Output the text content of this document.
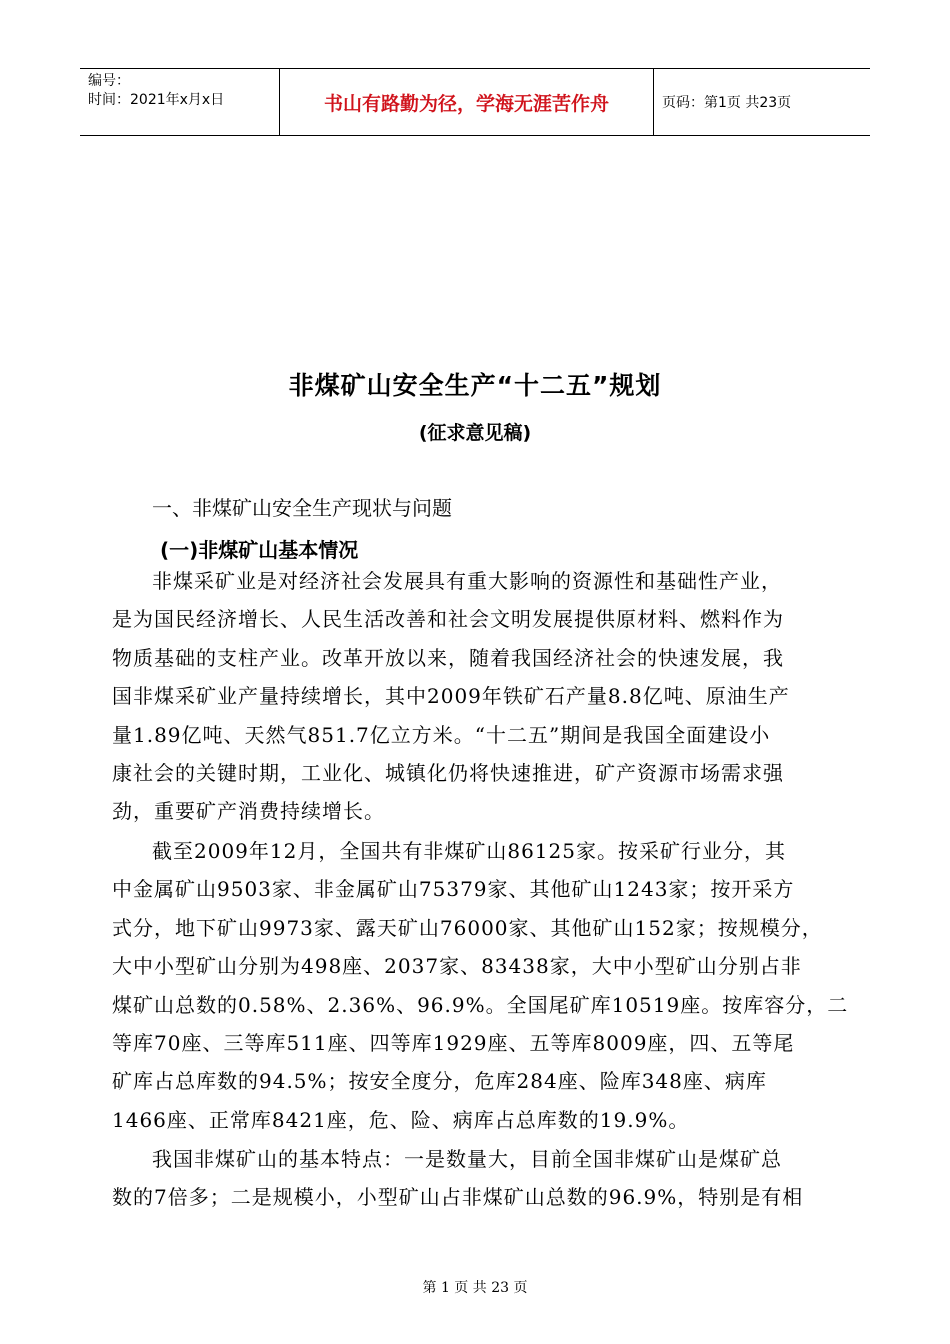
编号：
时间：2021年x月x日	书山有路勤为径，学海无涯苦作舟	页码：第1页 共23页
非煤矿山安全生产“十二五”规划
(征求意见稿)
一、非煤矿山安全生产现状与问题
(一)非煤矿山基本情况
非煤采矿业是对经济社会发展具有重大影响的资源性和基础性产业，
是为国民经济增长、人民生活改善和社会文明发展提供原材料、燃料作为
物质基础的支柱产业。改革开放以来，随着我国经济社会的快速发展，我
国非煤采矿业产量持续增长，其中2009年铁矿石产量8.8亿吨、原油生产
量1.89亿吨、天然气851.7亿立方米。“十二五”期间是我国全面建设小
康社会的关键时期，工业化、城镇化仍将快速推进，矿产资源市场需求强
劲，重要矿产消费持续增长。
截至2009年12月，全国共有非煤矿山86125家。按采矿行业分，其
中金属矿山9503家、非金属矿山75379家、其他矿山1243家；按开采方
式分，地下矿山9973家、露天矿山76000家、其他矿山152家；按规模分，
大中小型矿山分别为498座、2037家、83438家，大中小型矿山分别占非
煤矿山总数的0.58%、2.36%、96.9%。全国尾矿库10519座。按库容分，二
等库70座、三等库511座、四等库1929座、五等库8009座，四、五等尾
矿库占总库数的94.5%；按安全度分，危库284座、险库348座、病库
1466座、正常库8421座，危、险、病库占总库数的19.9%。
我国非煤矿山的基本特点：一是数量大，目前全国非煤矿山是煤矿总
数的7倍多；二是规模小，小型矿山占非煤矿山总数的96.9%，特别是有相
第 1 页 共 23 页
